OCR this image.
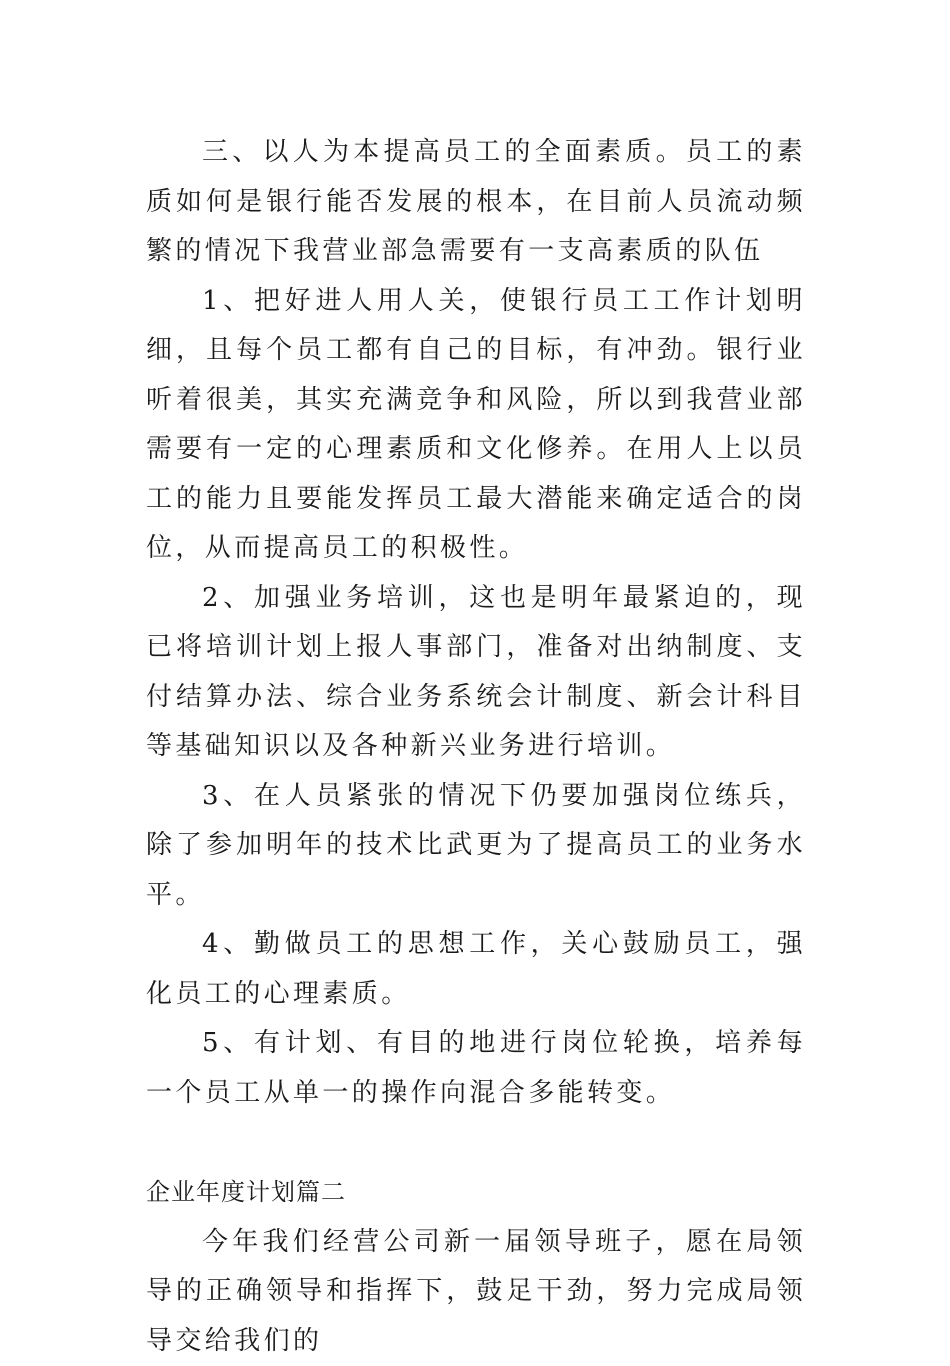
三、以人为本提高员工的全面素质。员工的素质如何是银行能否发展的根本，在目前人员流动频繁的情况下我营业部急需要有一支高素质的队伍

1、把好进人用人关，使银行员工工作计划明细，且每个员工都有自己的目标，有冲劲。银行业听着很美，其实充满竞争和风险，所以到我营业部需要有一定的心理素质和文化修养。在用人上以员工的能力且要能发挥员工最大潜能来确定适合的岗位，从而提高员工的积极性。

2、加强业务培训，这也是明年最紧迫的，现已将培训计划上报人事部门，准备对出纳制度、支付结算办法、综合业务系统会计制度、新会计科目等基础知识以及各种新兴业务进行培训。

3、在人员紧张的情况下仍要加强岗位练兵，除了参加明年的技术比武更为了提高员工的业务水平。

4、勤做员工的思想工作，关心鼓励员工，强化员工的心理素质。

5、有计划、有目的地进行岗位轮换，培养每一个员工从单一的操作向混合多能转变。

企业年度计划篇二

今年我们经营公司新一届领导班子，愿在局领导的正确领导和指挥下，鼓足干劲，努力完成局领导交给我们的
